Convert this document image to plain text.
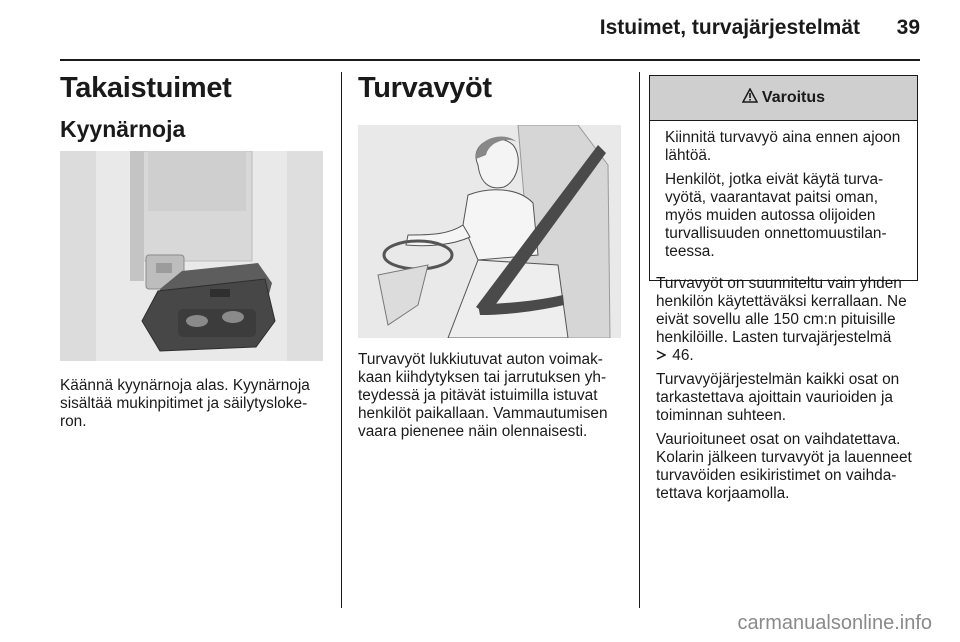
Istuimet, turvajärjestelmät	39
Takaistuimet
Kyynärnoja

Käännä kyynärnoja alas. Kyynärnoja

sisältää mukinpitimet ja säilytysloke-

ron.

Turvavyöt

Turvavyöt lukkiutuvat auton voimak-

kaan kiihdytyksen tai jarrutuksen yh-

teydessä ja pitävät istuimilla istuvat

henkilöt paikallaan. Vammautumisen

vaara pienenee näin olennaisesti.

Varoitus

Kiinnitä turvavyö aina ennen ajoon
lähtöä.

Henkilöt, jotka eivät käytä turva-
vyötä, vaarantavat paitsi oman,
myös muiden autossa olijoiden
turvallisuuden onnettomuustilan-
teessa.

Turvavyöt on suunniteltu vain yhden
henkilön käytettäväksi kerrallaan. Ne
eivät sovellu alle 150 cm:n pituisille
henkilöille. Lasten turvajärjestelmä
46.

Turvavyöjärjestelmän kaikki osat on
tarkastettava ajoittain vaurioiden ja
toiminnan suhteen.

Vaurioituneet osat on vaihdatettava.
Kolarin jälkeen turvavyöt ja lauenneet
turvavöiden esikiristimet on vaihda-
tettava korjaamolla.

carmanualsonline.info
